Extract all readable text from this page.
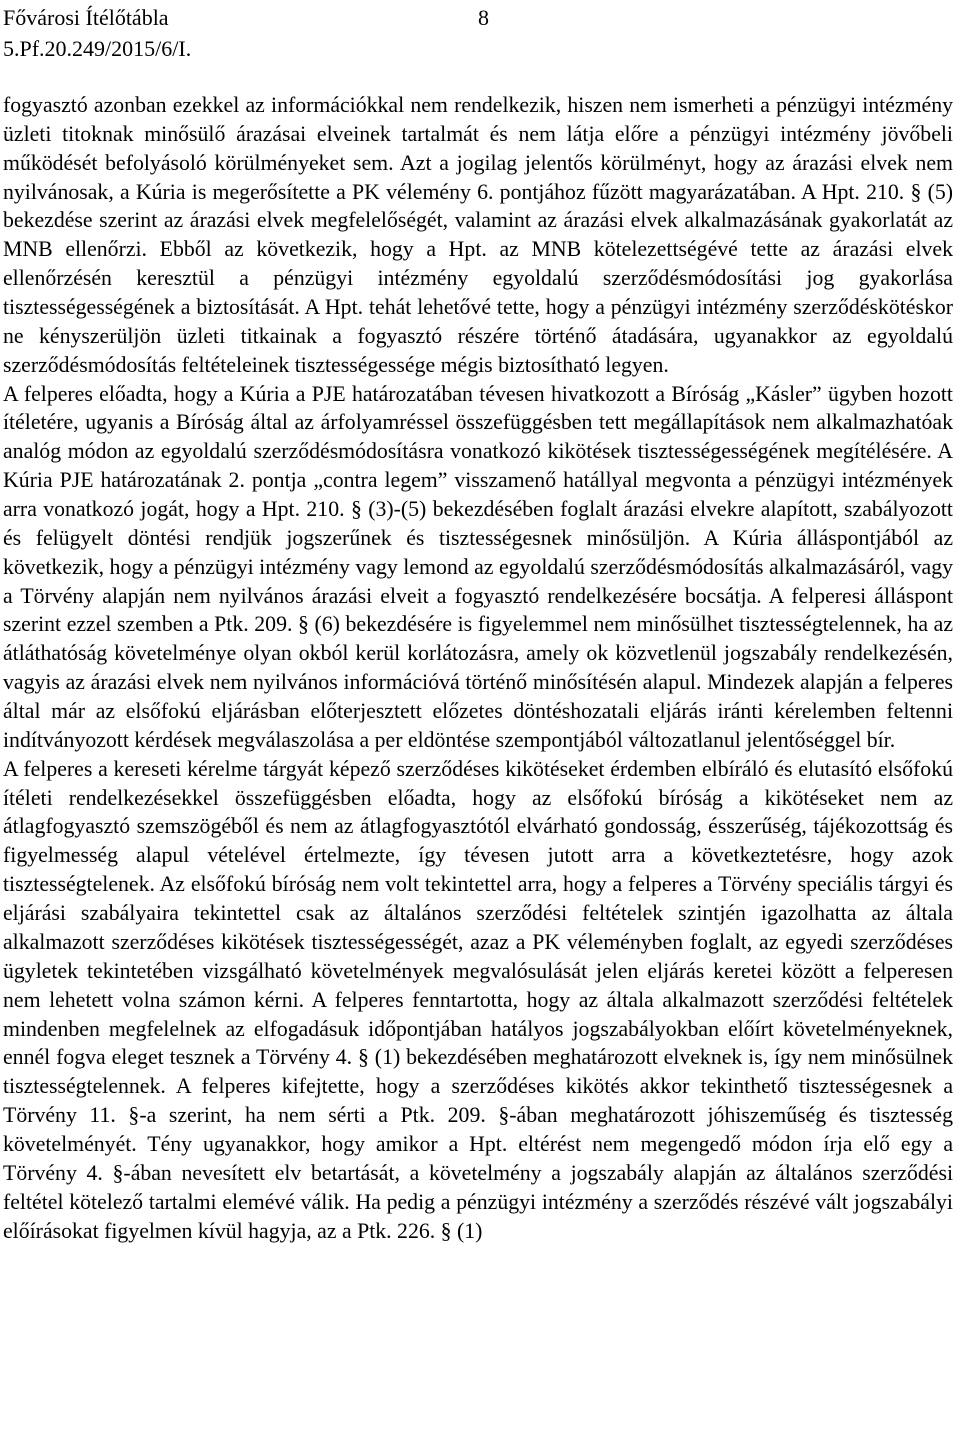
Fővárosi Ítélőtábla
5.Pf.20.249/2015/6/I.
8

fogyasztó azonban ezekkel az információkkal nem rendelkezik, hiszen nem ismerheti a pénzügyi intézmény üzleti titoknak minősülő árazásai elveinek tartalmát és nem látja előre a pénzügyi intézmény jövőbeli működését befolyásoló körülményeket sem. Azt a jogilag jelentős körülményt, hogy az árazási elvek nem nyilvánosak, a Kúria is megerősítette a PK vélemény 6. pontjához fűzött magyarázatában. A Hpt. 210. § (5) bekezdése szerint az árazási elvek megfelelőségét, valamint az árazási elvek alkalmazásának gyakorlatát az MNB ellenőrzi. Ebből az következik, hogy a Hpt. az MNB kötelezettségévé tette az árazási elvek ellenőrzésén keresztül a pénzügyi intézmény egyoldalú szerződésmódosítási jog gyakorlása tisztességességének a biztosítását. A Hpt. tehát lehetővé tette, hogy a pénzügyi intézmény szerződéskötéskor ne kényszerüljön üzleti titkainak a fogyasztó részére történő átadására, ugyanakkor az egyoldalú szerződésmódosítás feltételeinek tisztességessége mégis biztosítható legyen.

A felperes előadta, hogy a Kúria a PJE határozatában tévesen hivatkozott a Bíróság „Kásler” ügyben hozott ítéletére, ugyanis a Bíróság által az árfolyamréssel összefüggésben tett megállapítások nem alkalmazhatóak analóg módon az egyoldalú szerződésmódosításra vonatkozó kikötések tisztességességének megítélésére. A Kúria PJE határozatának 2. pontja „contra legem” visszamenő hatállyal megvonta a pénzügyi intézmények arra vonatkozó jogát, hogy a Hpt. 210. § (3)-(5) bekezdésében foglalt árazási elvekre alapított, szabályozott és felügyelt döntési rendjük jogszerűnek és tisztességesnek minősüljön. A Kúria álláspontjából az következik, hogy a pénzügyi intézmény vagy lemond az egyoldalú szerződésmódosítás alkalmazásáról, vagy a Törvény alapján nem nyilvános árazási elveit a fogyasztó rendelkezésére bocsátja. A felperesi álláspont szerint ezzel szemben a Ptk. 209. § (6) bekezdésére is figyelemmel nem minősülhet tisztességtelennek, ha az átláthatóság követelménye olyan okból kerül korlátozásra, amely ok közvetlenül jogszabály rendelkezésén, vagyis az árazási elvek nem nyilvános információvá történő minősítésén alapul. Mindezek alapján a felperes által már az elsőfokú eljárásban előterjesztett előzetes döntéshozatali eljárás iránti kérelemben feltenni indítványozott kérdések megválaszolása a per eldöntése szempontjából változatlanul jelentőséggel bír.

A felperes a kereseti kérelme tárgyát képező szerződéses kikötéseket érdemben elbíráló és elutasító elsőfokú ítéleti rendelkezésekkel összefüggésben előadta, hogy az elsőfokú bíróság a kikötéseket nem az átlagfogyasztó szemszögéből és nem az átlagfogyasztótól elvárható gondosság, ésszerűség, tájékozottság és figyelmesség alapul vételével értelmezte, így tévesen jutott arra a következtetésre, hogy azok tisztességtelenek. Az elsőfokú bíróság nem volt tekintettel arra, hogy a felperes a Törvény speciális tárgyi és eljárási szabályaira tekintettel csak az általános szerződési feltételek szintjén igazolhatta az általa alkalmazott szerződéses kikötések tisztességességét, azaz a PK véleményben foglalt, az egyedi szerződéses ügyletek tekintetében vizsgálható követelmények megvalósulását jelen eljárás keretei között a felperesen nem lehetett volna számon kérni. A felperes fenntartotta, hogy az általa alkalmazott szerződési feltételek mindenben megfelelnek az elfogadásuk időpontjában hatályos jogszabályokban előírt követelményeknek, ennél fogva eleget tesznek a Törvény 4. § (1) bekezdésében meghatározott elveknek is, így nem minősülnek tisztességtelennek. A felperes kifejtette, hogy a szerződéses kikötés akkor tekinthető tisztességesnek a Törvény 11. §-a szerint, ha nem sérti a Ptk. 209. §-ában meghatározott jóhiszeműség és tisztesség követelményét. Tény ugyanakkor, hogy amikor a Hpt. eltérést nem megengedő módon írja elő egy a Törvény 4. §-ában nevesített elv betartását, a követelmény a jogszabály alapján az általános szerződési feltétel kötelező tartalmi elemévé válik. Ha pedig a pénzügyi intézmény a szerződés részévé vált jogszabályi előírásokat figyelmen kívül hagyja, az a Ptk. 226. § (1)
